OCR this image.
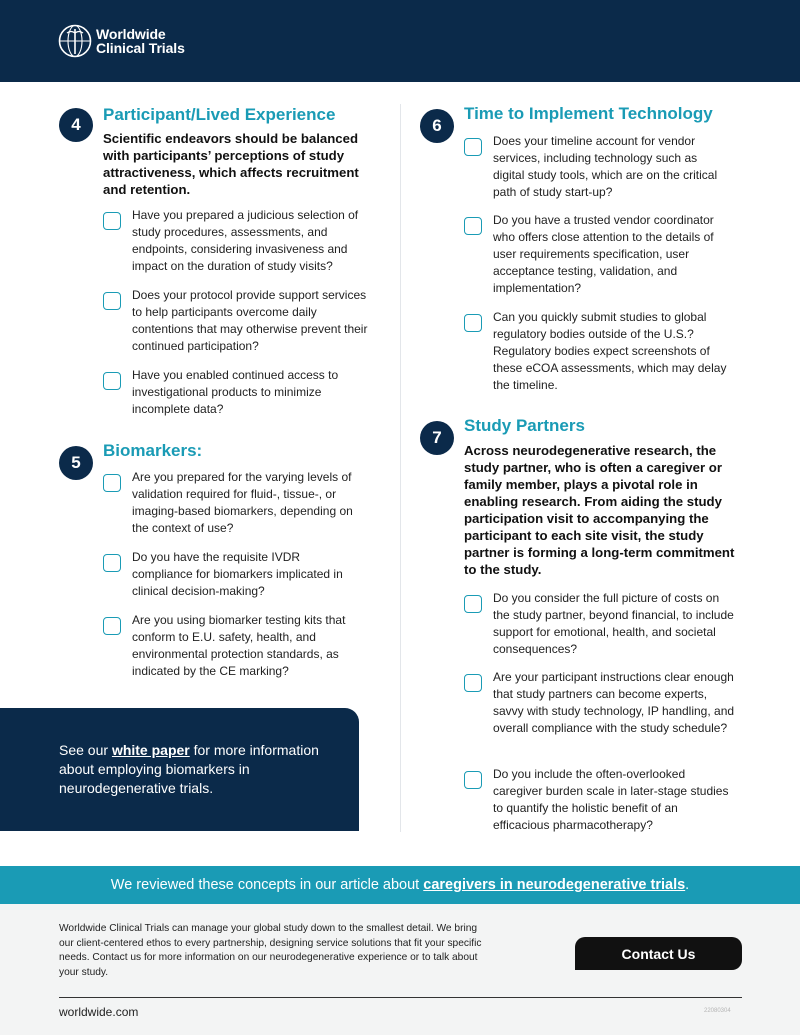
Worldwide
Clinical Trials
4
Participant/Lived Experience
Scientific endeavors should be balanced with participants’ perceptions of study attractiveness, which affects recruitment and retention.
Have you prepared a judicious selection of study procedures, assessments, and endpoints, considering invasiveness and impact on the duration of study visits?
Does your protocol provide support services to help participants overcome daily contentions that may otherwise prevent their continued participation?
Have you enabled continued access to investigational products to minimize incomplete data?
5
Biomarkers:
Are you prepared for the varying levels of validation required for fluid-, tissue-, or imaging-based biomarkers, depending on the context of use?
Do you have the requisite IVDR compliance for biomarkers implicated in clinical decision-making?
Are you using biomarker testing kits that conform to E.U. safety, health, and environmental protection standards, as indicated by the CE marking?
See our white paper for more information about employing biomarkers in neurodegenerative trials.
6
Time to Implement Technology
Does your timeline account for vendor services, including technology such as digital study tools, which are on the critical path of study start-up?
Do you have a trusted vendor coordinator who offers close attention to the details of user requirements specification, user acceptance testing, validation, and implementation?
Can you quickly submit studies to global regulatory bodies outside of the U.S.? Regulatory bodies expect screenshots of these eCOA assessments, which may delay the timeline.
7
Study Partners
Across neurodegenerative research, the study partner, who is often a caregiver or family member, plays a pivotal role in enabling research. From aiding the study participation visit to accompanying the participant to each site visit, the study partner is forming a long-term commitment to the study.
Do you consider the full picture of costs on the study partner, beyond financial, to include support for emotional, health, and societal consequences?
Are your participant instructions clear enough that study partners can become experts, savvy with study technology, IP handling, and overall compliance with the study schedule?
Do you include the often-overlooked caregiver burden scale in later-stage studies to quantify the holistic benefit of an efficacious pharmacotherapy?
We reviewed these concepts in our article about caregivers in neurodegenerative trials.
Worldwide Clinical Trials can manage your global study down to the smallest detail. We bring our client-centered ethos to every partnership, designing service solutions that fit your specific needs. Contact us for more information on our neurodegenerative experience or to talk about your study.
Contact Us
worldwide.com	22080304
